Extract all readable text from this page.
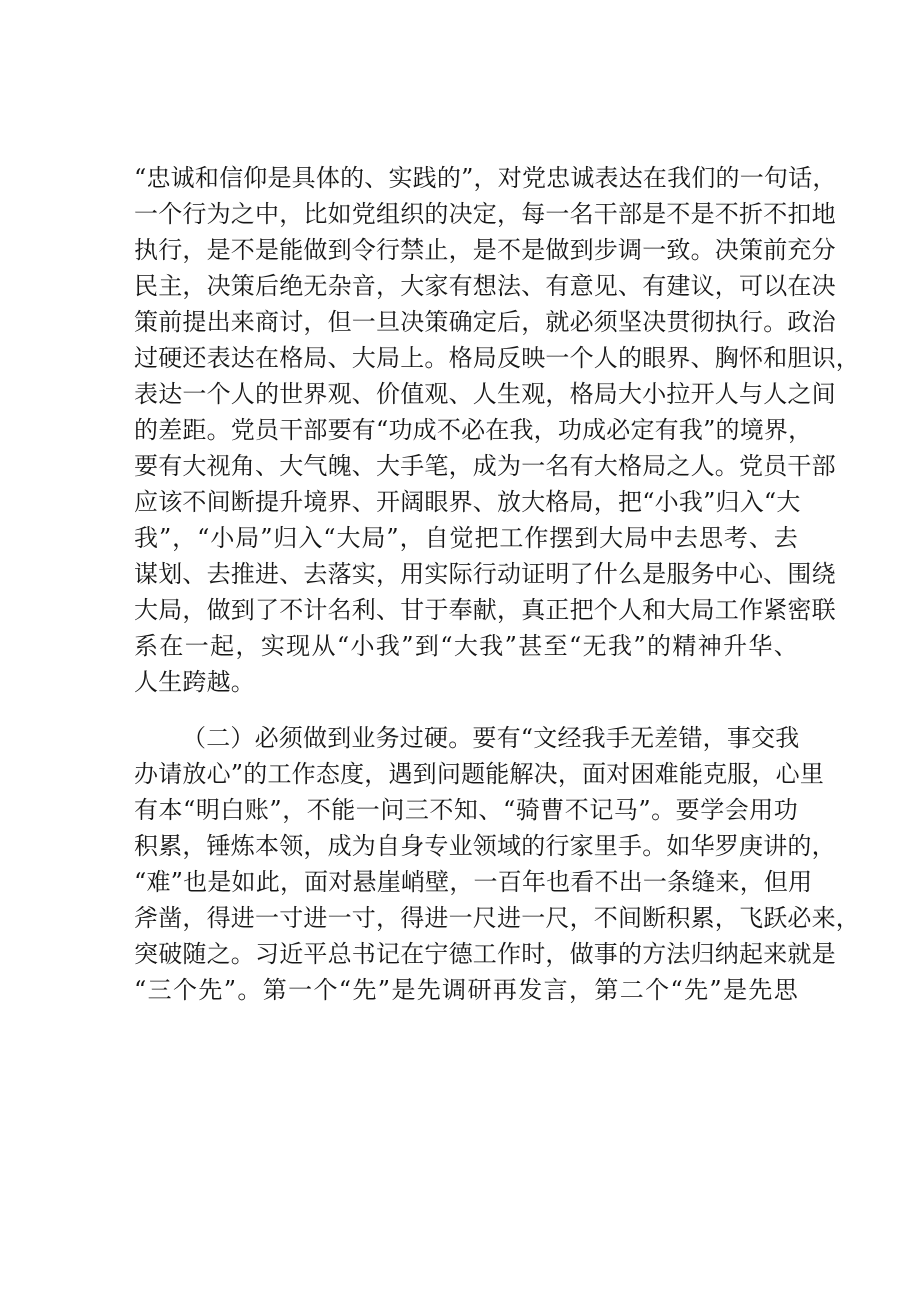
“忠诚和信仰是具体的、实践的”，对党忠诚表达在我们的一句话，
一个行为之中，比如党组织的决定，每一名干部是不是不折不扣地
执行，是不是能做到令行禁止，是不是做到步调一致。决策前充分
民主，决策后绝无杂音，大家有想法、有意见、有建议，可以在决
策前提出来商讨，但一旦决策确定后，就必须坚决贯彻执行。政治
过硬还表达在格局、大局上。格局反映一个人的眼界、胸怀和胆识，
表达一个人的世界观、价值观、人生观，格局大小拉开人与人之间
的差距。党员干部要有“功成不必在我，功成必定有我”的境界，
要有大视角、大气魄、大手笔，成为一名有大格局之人。党员干部
应该不间断提升境界、开阔眼界、放大格局，把“小我”归入“大
我”，“小局”归入“大局”，自觉把工作摆到大局中去思考、去
谋划、去推进、去落实，用实际行动证明了什么是服务中心、围绕
大局，做到了不计名利、甘于奉献，真正把个人和大局工作紧密联
系在一起，实现从“小我”到“大我”甚至“无我”的精神升华、
人生跨越。
（二）必须做到业务过硬。要有“文经我手无差错，事交我
办请放心”的工作态度，遇到问题能解决，面对困难能克服，心里
有本“明白账”，不能一问三不知、“骑曹不记马”。要学会用功
积累，锤炼本领，成为自身专业领域的行家里手。如华罗庚讲的，
“难”也是如此，面对悬崖峭壁，一百年也看不出一条缝来，但用
斧凿，得进一寸进一寸，得进一尺进一尺，不间断积累，飞跃必来，
突破随之。习近平总书记在宁德工作时，做事的方法归纳起来就是
“三个先”。第一个“先”是先调研再发言，第二个“先”是先思
